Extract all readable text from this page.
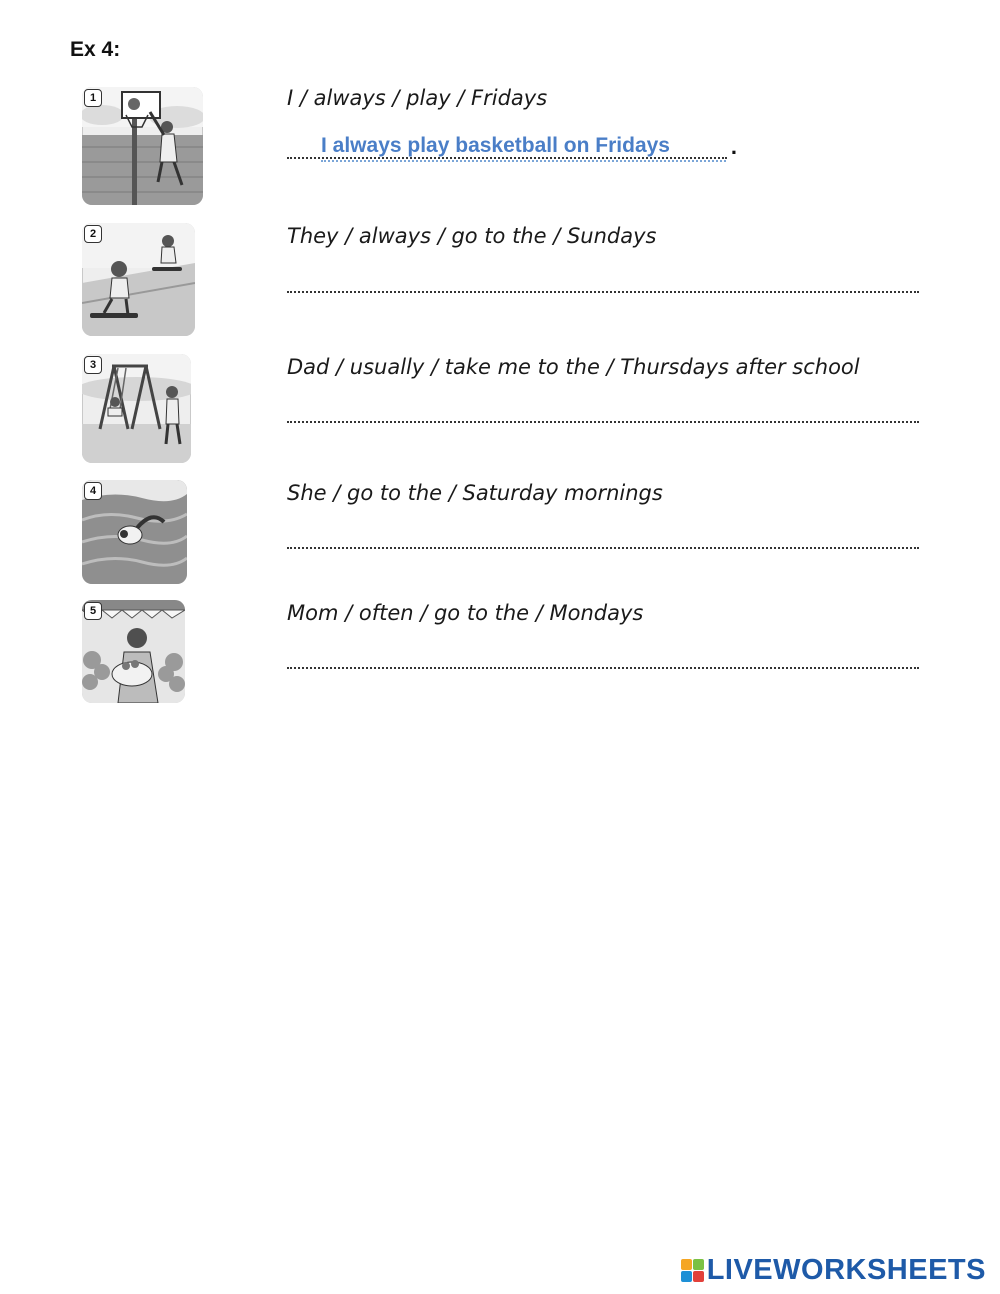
Ex 4:
1	I / always / play / Fridays
I always play basketball on Fridays
.
2	They / always / go to the / Sundays
3	Dad / usually / take me to the / Thursdays after school
4	She / go to the / Saturday mornings
5	Mom / often / go to the / Mondays
LIVEWORKSHEETS
